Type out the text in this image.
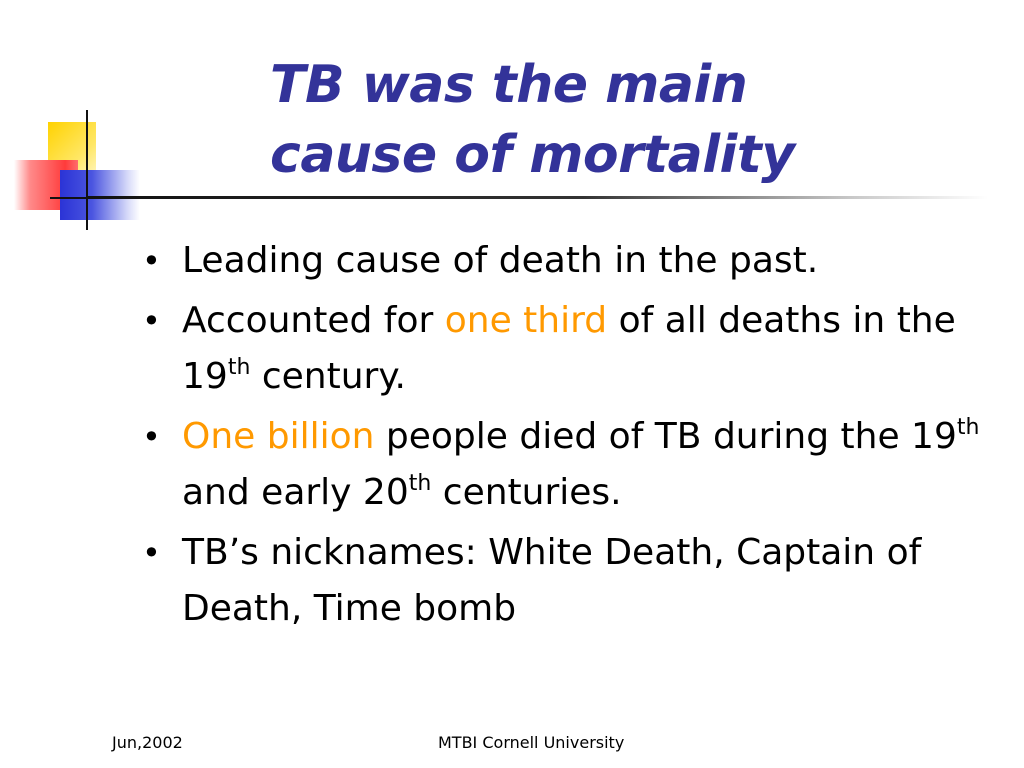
TB was the main
cause of mortality
• Leading cause of death in the past.
• Accounted for one third of all deaths in the 19th century.
• One billion people died of TB during the 19th and early 20th centuries.
• TB’s nicknames: White Death, Captain of Death, Time bomb
Jun,2002	MTBI Cornell University
